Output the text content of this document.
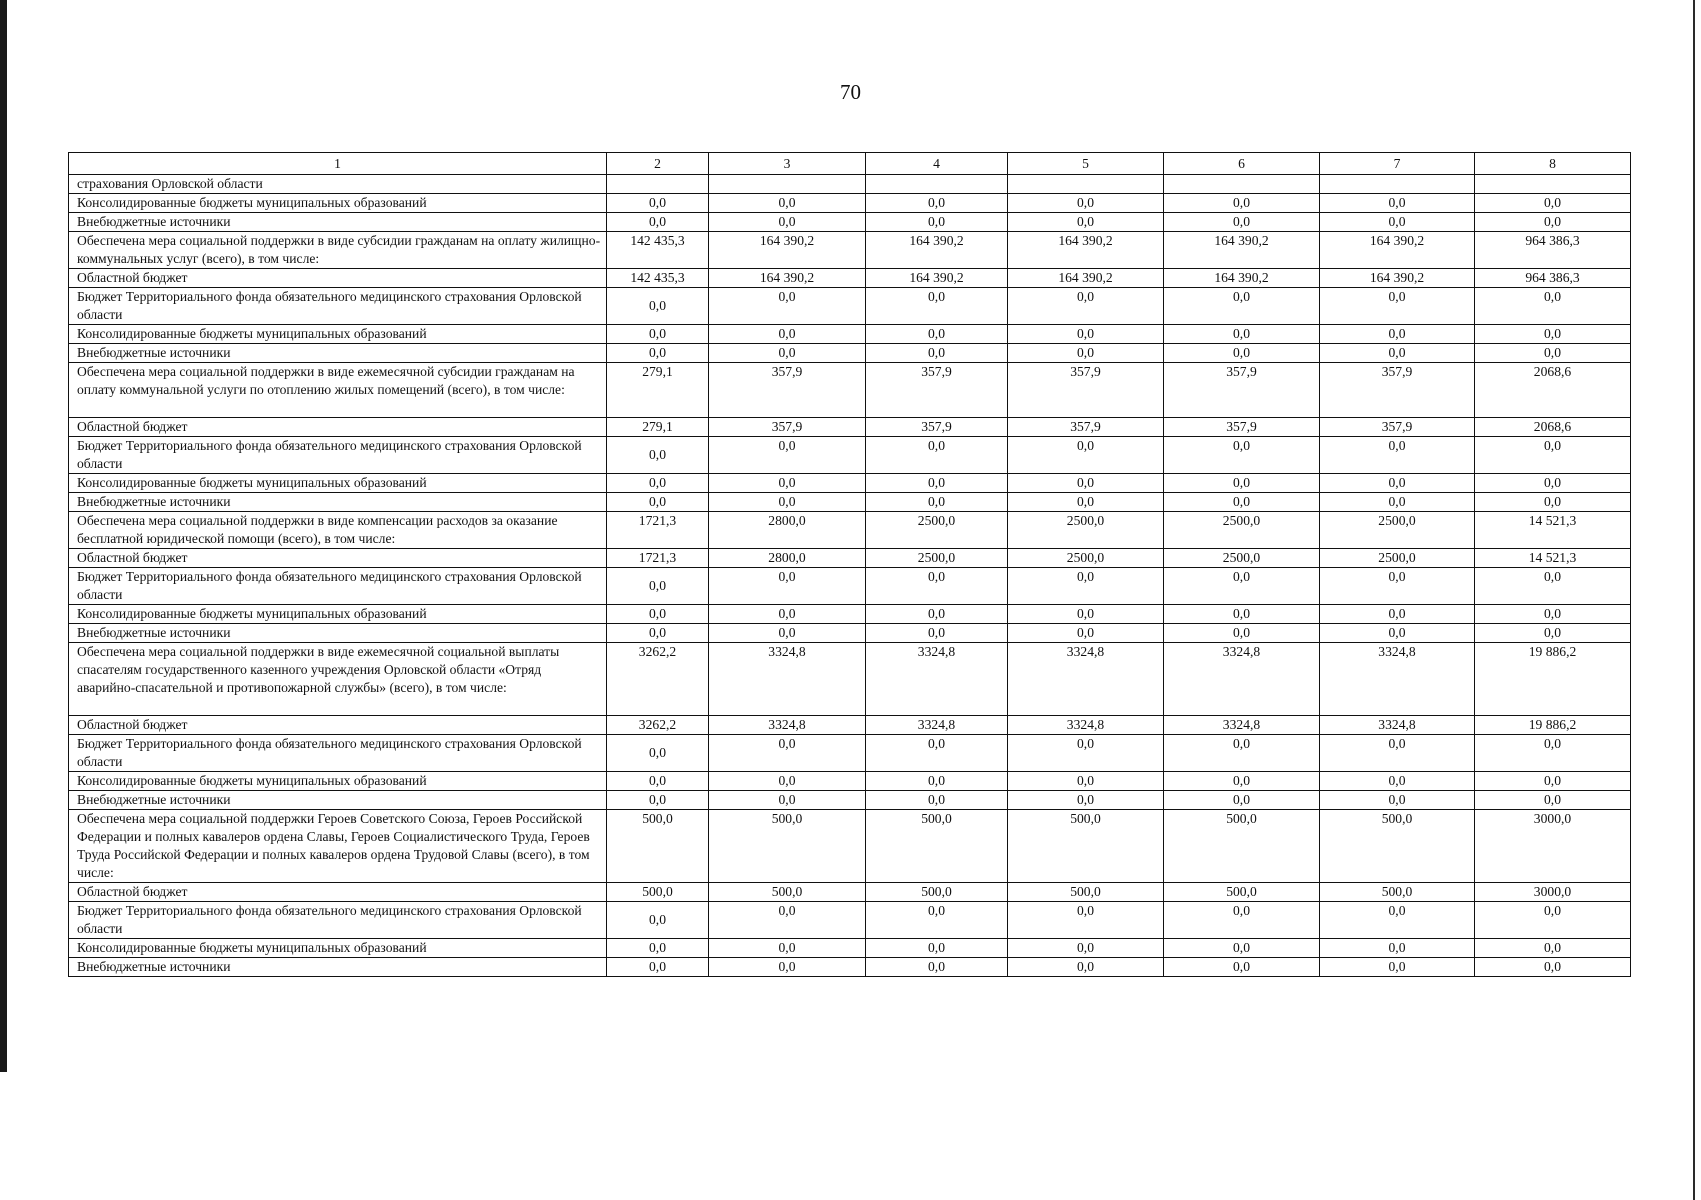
70
1	2	3	4	5	6	7	8
страхования Орловской области							
Консолидированные бюджеты муниципальных образований	0,0	0,0	0,0	0,0	0,0	0,0	0,0
Внебюджетные источники	0,0	0,0	0,0	0,0	0,0	0,0	0,0
Обеспечена мера социальной поддержки в виде субсидии гражданам на оплату жилищно-коммунальных услуг (всего), в том числе:	142 435,3	164 390,2	164 390,2	164 390,2	164 390,2	164 390,2	964 386,3
Областной бюджет	142 435,3	164 390,2	164 390,2	164 390,2	164 390,2	164 390,2	964 386,3
Бюджет Территориального фонда обязательного медицинского страхования Орловской области	0,0	0,0	0,0	0,0	0,0	0,0	0,0
Консолидированные бюджеты муниципальных образований	0,0	0,0	0,0	0,0	0,0	0,0	0,0
Внебюджетные источники	0,0	0,0	0,0	0,0	0,0	0,0	0,0
Обеспечена мера социальной поддержки в виде ежемесячной субсидии гражданам на оплату коммунальной услуги по отоплению жилых помещений (всего), в том числе:	279,1	357,9	357,9	357,9	357,9	357,9	2068,6
Областной бюджет	279,1	357,9	357,9	357,9	357,9	357,9	2068,6
Бюджет Территориального фонда обязательного медицинского страхования Орловской области	0,0	0,0	0,0	0,0	0,0	0,0	0,0
Консолидированные бюджеты муниципальных образований	0,0	0,0	0,0	0,0	0,0	0,0	0,0
Внебюджетные источники	0,0	0,0	0,0	0,0	0,0	0,0	0,0
Обеспечена мера социальной поддержки в виде компенсации расходов за оказание бесплатной юридической помощи (всего), в том числе:	1721,3	2800,0	2500,0	2500,0	2500,0	2500,0	14 521,3
Областной бюджет	1721,3	2800,0	2500,0	2500,0	2500,0	2500,0	14 521,3
Бюджет Территориального фонда обязательного медицинского страхования Орловской области	0,0	0,0	0,0	0,0	0,0	0,0	0,0
Консолидированные бюджеты муниципальных образований	0,0	0,0	0,0	0,0	0,0	0,0	0,0
Внебюджетные источники	0,0	0,0	0,0	0,0	0,0	0,0	0,0
Обеспечена мера социальной поддержки в виде ежемесячной социальной выплаты спасателям государственного казенного учреждения Орловской области «Отряд аварийно-спасательной и противопожарной службы» (всего), в том числе:	3262,2	3324,8	3324,8	3324,8	3324,8	3324,8	19 886,2
Областной бюджет	3262,2	3324,8	3324,8	3324,8	3324,8	3324,8	19 886,2
Бюджет Территориального фонда обязательного медицинского страхования Орловской области	0,0	0,0	0,0	0,0	0,0	0,0	0,0
Консолидированные бюджеты муниципальных образований	0,0	0,0	0,0	0,0	0,0	0,0	0,0
Внебюджетные источники	0,0	0,0	0,0	0,0	0,0	0,0	0,0
Обеспечена мера социальной поддержки Героев Советского Союза, Героев Российской Федерации и полных кавалеров ордена Славы, Героев Социалистического Труда, Героев Труда Российской Федерации и полных кавалеров ордена Трудовой Славы (всего), в том числе:	500,0	500,0	500,0	500,0	500,0	500,0	3000,0
Областной бюджет	500,0	500,0	500,0	500,0	500,0	500,0	3000,0
Бюджет Территориального фонда обязательного медицинского страхования Орловской области	0,0	0,0	0,0	0,0	0,0	0,0	0,0
Консолидированные бюджеты муниципальных образований	0,0	0,0	0,0	0,0	0,0	0,0	0,0
Внебюджетные источники	0,0	0,0	0,0	0,0	0,0	0,0	0,0
